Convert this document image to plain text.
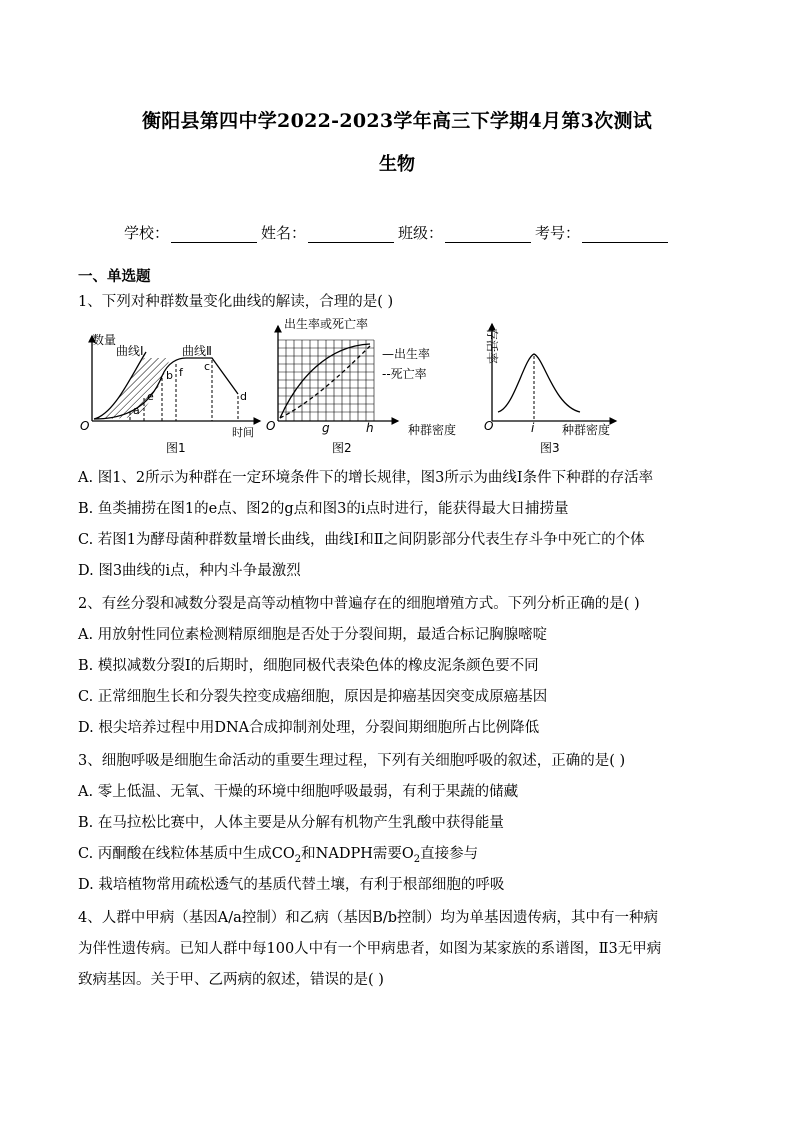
衡阳县第四中学2022-2023学年高三下学期4月第3次测试
生物
学校：	姓名：	班级：	考号：
一、单选题
1、下列对种群数量变化曲线的解读，合理的是( )
数量
O	时间
曲线Ⅰ	曲线Ⅱ
a
b
c
d
e
f
图1
出生率或死亡率
O	种群密度
—出生率
--死亡率
g	h
图2
存活率
O	种群密度
i
图3
A. 图1、2所示为种群在一定环境条件下的增长规律，图3所示为曲线Ⅰ条件下种群的存活率
B. 鱼类捕捞在图1的e点、图2的g点和图3的i点时进行，能获得最大日捕捞量
C. 若图1为酵母菌种群数量增长曲线，曲线Ⅰ和Ⅱ之间阴影部分代表生存斗争中死亡的个体
D. 图3曲线的i点，种内斗争最激烈
2、有丝分裂和减数分裂是高等动植物中普遍存在的细胞增殖方式。下列分析正确的是( )
A. 用放射性同位素检测精原细胞是否处于分裂间期，最适合标记胸腺嘧啶
B. 模拟减数分裂Ⅰ的后期时，细胞同极代表染色体的橡皮泥条颜色要不同
C. 正常细胞生长和分裂失控变成癌细胞，原因是抑癌基因突变成原癌基因
D. 根尖培养过程中用DNA合成抑制剂处理，分裂间期细胞所占比例降低
3、细胞呼吸是细胞生命活动的重要生理过程，下列有关细胞呼吸的叙述，正确的是( )
A. 零上低温、无氧、干燥的环境中细胞呼吸最弱，有利于果蔬的储藏
B. 在马拉松比赛中，人体主要是从分解有机物产生乳酸中获得能量
C. 丙酮酸在线粒体基质中生成$CO_2$和NADPH需要$O_2$直接参与
D. 栽培植物常用疏松透气的基质代替土壤，有利于根部细胞的呼吸
4、人群中甲病（基因A/a控制）和乙病（基因B/b控制）均为单基因遗传病，其中有一种病
为伴性遗传病。已知人群中每100人中有一个甲病患者，如图为某家族的系谱图，Ⅱ3无甲病
致病基因。关于甲、乙两病的叙述，错误的是( )
